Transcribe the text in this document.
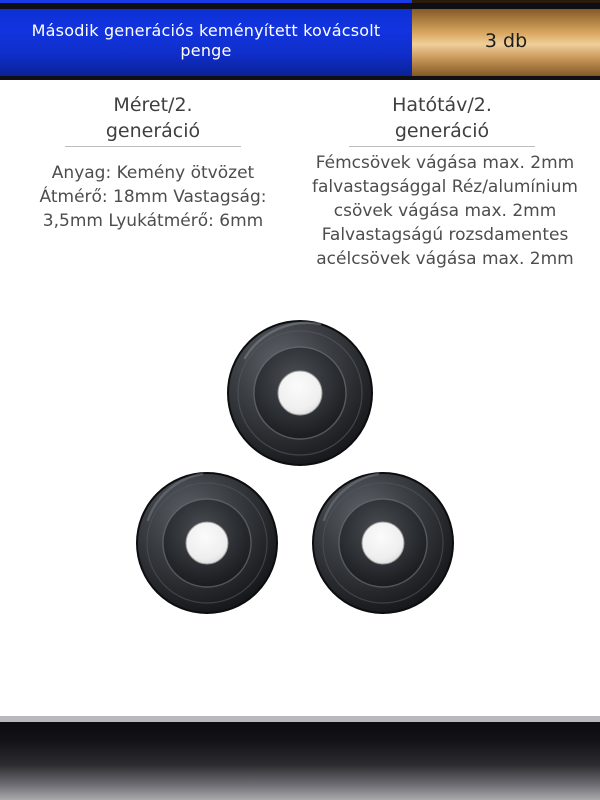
Második generációs keményített kovácsolt penge	3 db
Méret/2. generáció
Anyag: Kemény ötvözet Átmérő: 18mm Vastagság: 3,5mm Lyukátmérő: 6mm
Hatótáv/2. generáció
Fémcsövek vágása max. 2mm falvastagsággal Réz/alumínium csövek vágása max. 2mm Falvastagságú rozsdamentes acélcsövek vágása max. 2mm
